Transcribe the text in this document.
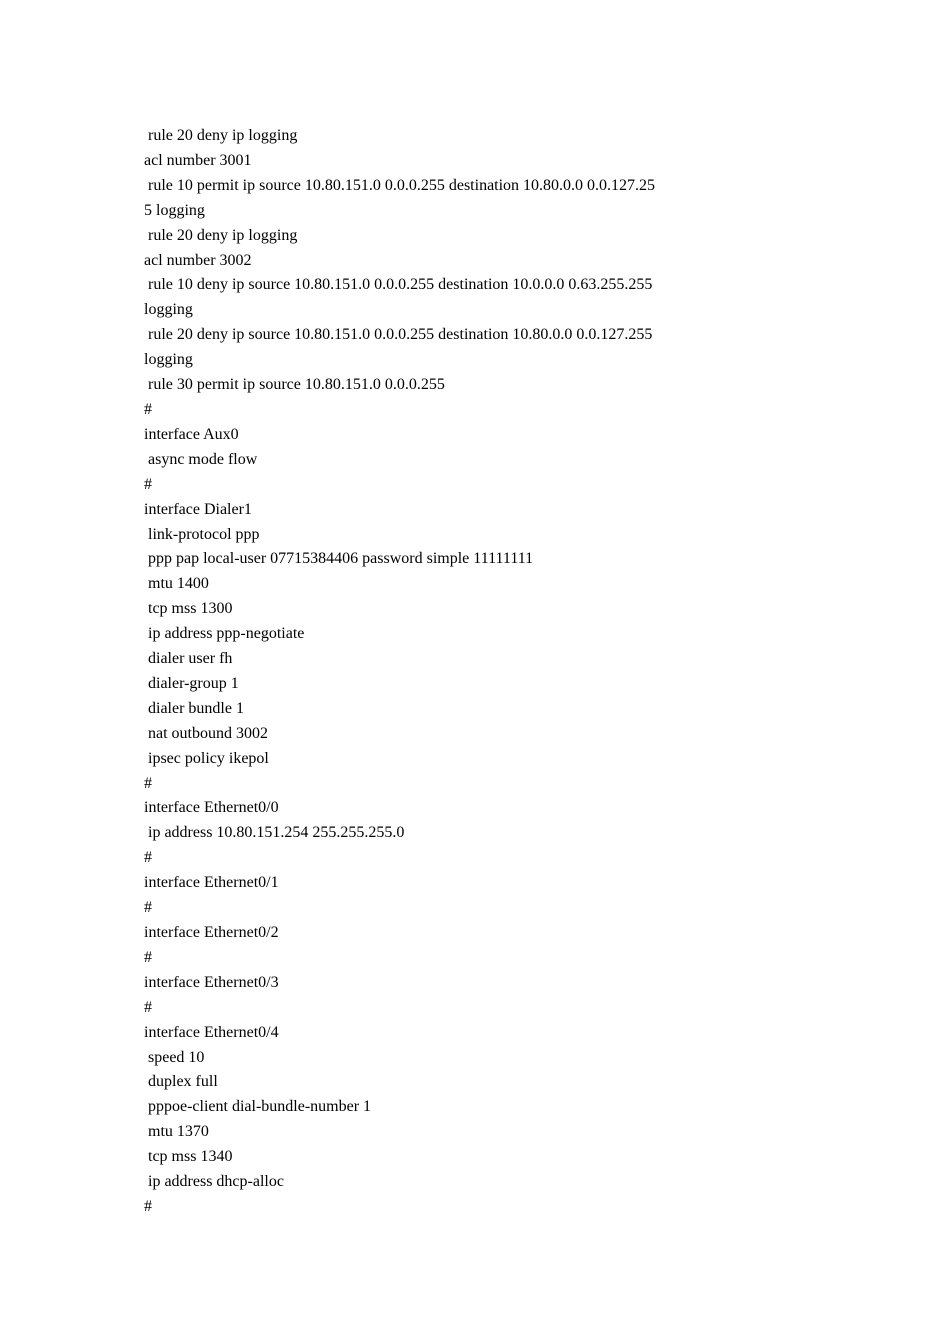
rule 20 deny ip logging
acl number 3001
rule 10 permit ip source 10.80.151.0 0.0.0.255 destination 10.80.0.0 0.0.127.25
5 logging
rule 20 deny ip logging
acl number 3002
rule 10 deny ip source 10.80.151.0 0.0.0.255 destination 10.0.0.0 0.63.255.255
logging
rule 20 deny ip source 10.80.151.0 0.0.0.255 destination 10.80.0.0 0.0.127.255
logging
rule 30 permit ip source 10.80.151.0 0.0.0.255
#
interface Aux0
async mode flow
#
interface Dialer1
link-protocol ppp
ppp pap local-user 07715384406 password simple 11111111
mtu 1400
tcp mss 1300
ip address ppp-negotiate
dialer user fh
dialer-group 1
dialer bundle 1
nat outbound 3002
ipsec policy ikepol
#
interface Ethernet0/0
ip address 10.80.151.254 255.255.255.0
#
interface Ethernet0/1
#
interface Ethernet0/2
#
interface Ethernet0/3
#
interface Ethernet0/4
speed 10
duplex full
pppoe-client dial-bundle-number 1
mtu 1370
tcp mss 1340
ip address dhcp-alloc
#
